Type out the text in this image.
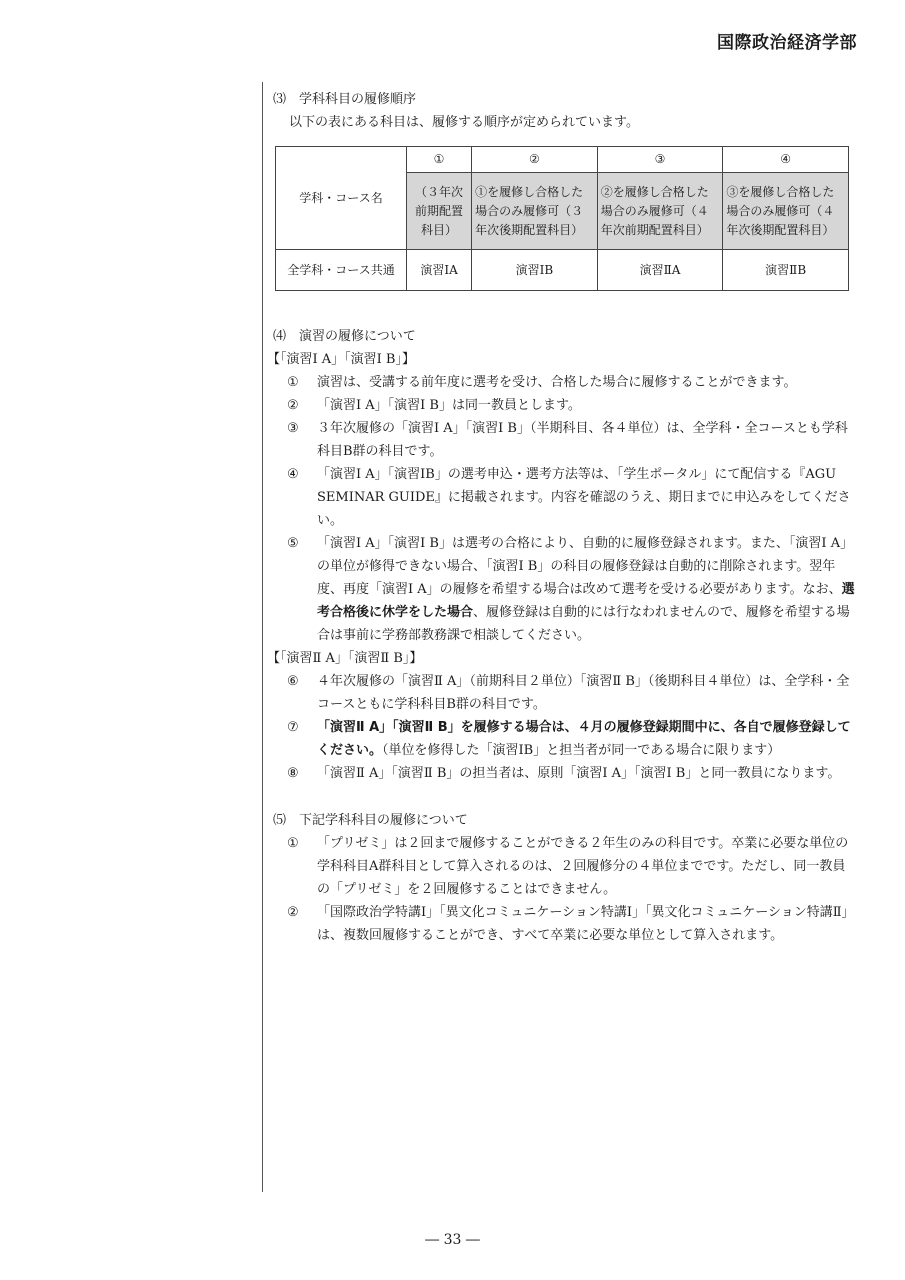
国際政治経済学部

⑶　学科科目の履修順序

以下の表にある科目は、履修する順序が定められています。

学科・コース名	①	②	③	④
	（３年次前期配置科目）	①を履修し合格した場合のみ履修可（３年次後期配置科目）	②を履修し合格した場合のみ履修可（４年次前期配置科目）	③を履修し合格した場合のみ履修可（４年次後期配置科目）
全学科・コース共通	演習ⅠA	演習ⅠB	演習ⅡA	演習ⅡB

⑷　演習の履修について

【「演習Ⅰ A」「演習Ⅰ B」】

①	演習は、受講する前年度に選考を受け、合格した場合に履修することができます。
②	「演習Ⅰ A」「演習Ⅰ B」は同一教員とします。
③	３年次履修の「演習Ⅰ A」「演習Ⅰ B」（半期科目、各４単位）は、全学科・全コースとも学科科目B群の科目です。
④	「演習Ⅰ A」「演習ⅠB」の選考申込・選考方法等は、「学生ポータル」にて配信する『AGU SEMINAR GUIDE』に掲載されます。内容を確認のうえ、期日までに申込みをしてください。
⑤	「演習Ⅰ A」「演習Ⅰ B」は選考の合格により、自動的に履修登録されます。また、「演習Ⅰ A」の単位が修得できない場合、「演習Ⅰ B」の科目の履修登録は自動的に削除されます。翌年度、再度「演習Ⅰ A」の履修を希望する場合は改めて選考を受ける必要があります。なお、選考合格後に休学をした場合、履修登録は自動的には行なわれませんので、履修を希望する場合は事前に学務部教務課で相談してください。

【「演習Ⅱ A」「演習Ⅱ B」】

⑥	４年次履修の「演習Ⅱ A」（前期科目２単位）「演習Ⅱ B」（後期科目４単位）は、全学科・全コースともに学科科目B群の科目です。
⑦	「演習Ⅱ A」「演習Ⅱ B」を履修する場合は、４月の履修登録期間中に、各自で履修登録してください。（単位を修得した「演習ⅠB」と担当者が同一である場合に限ります）
⑧	「演習Ⅱ A」「演習Ⅱ B」の担当者は、原則「演習Ⅰ A」「演習Ⅰ B」と同一教員になります。

⑸　下記学科科目の履修について

①	「プリゼミ」は２回まで履修することができる２年生のみの科目です。卒業に必要な単位の学科科目A群科目として算入されるのは、２回履修分の４単位までです。ただし、同一教員の「プリゼミ」を２回履修することはできません。
②	「国際政治学特講Ⅰ」「異文化コミュニケーション特講Ⅰ」「異文化コミュニケーション特講Ⅱ」は、複数回履修することができ、すべて卒業に必要な単位として算入されます。
― 33 ―
